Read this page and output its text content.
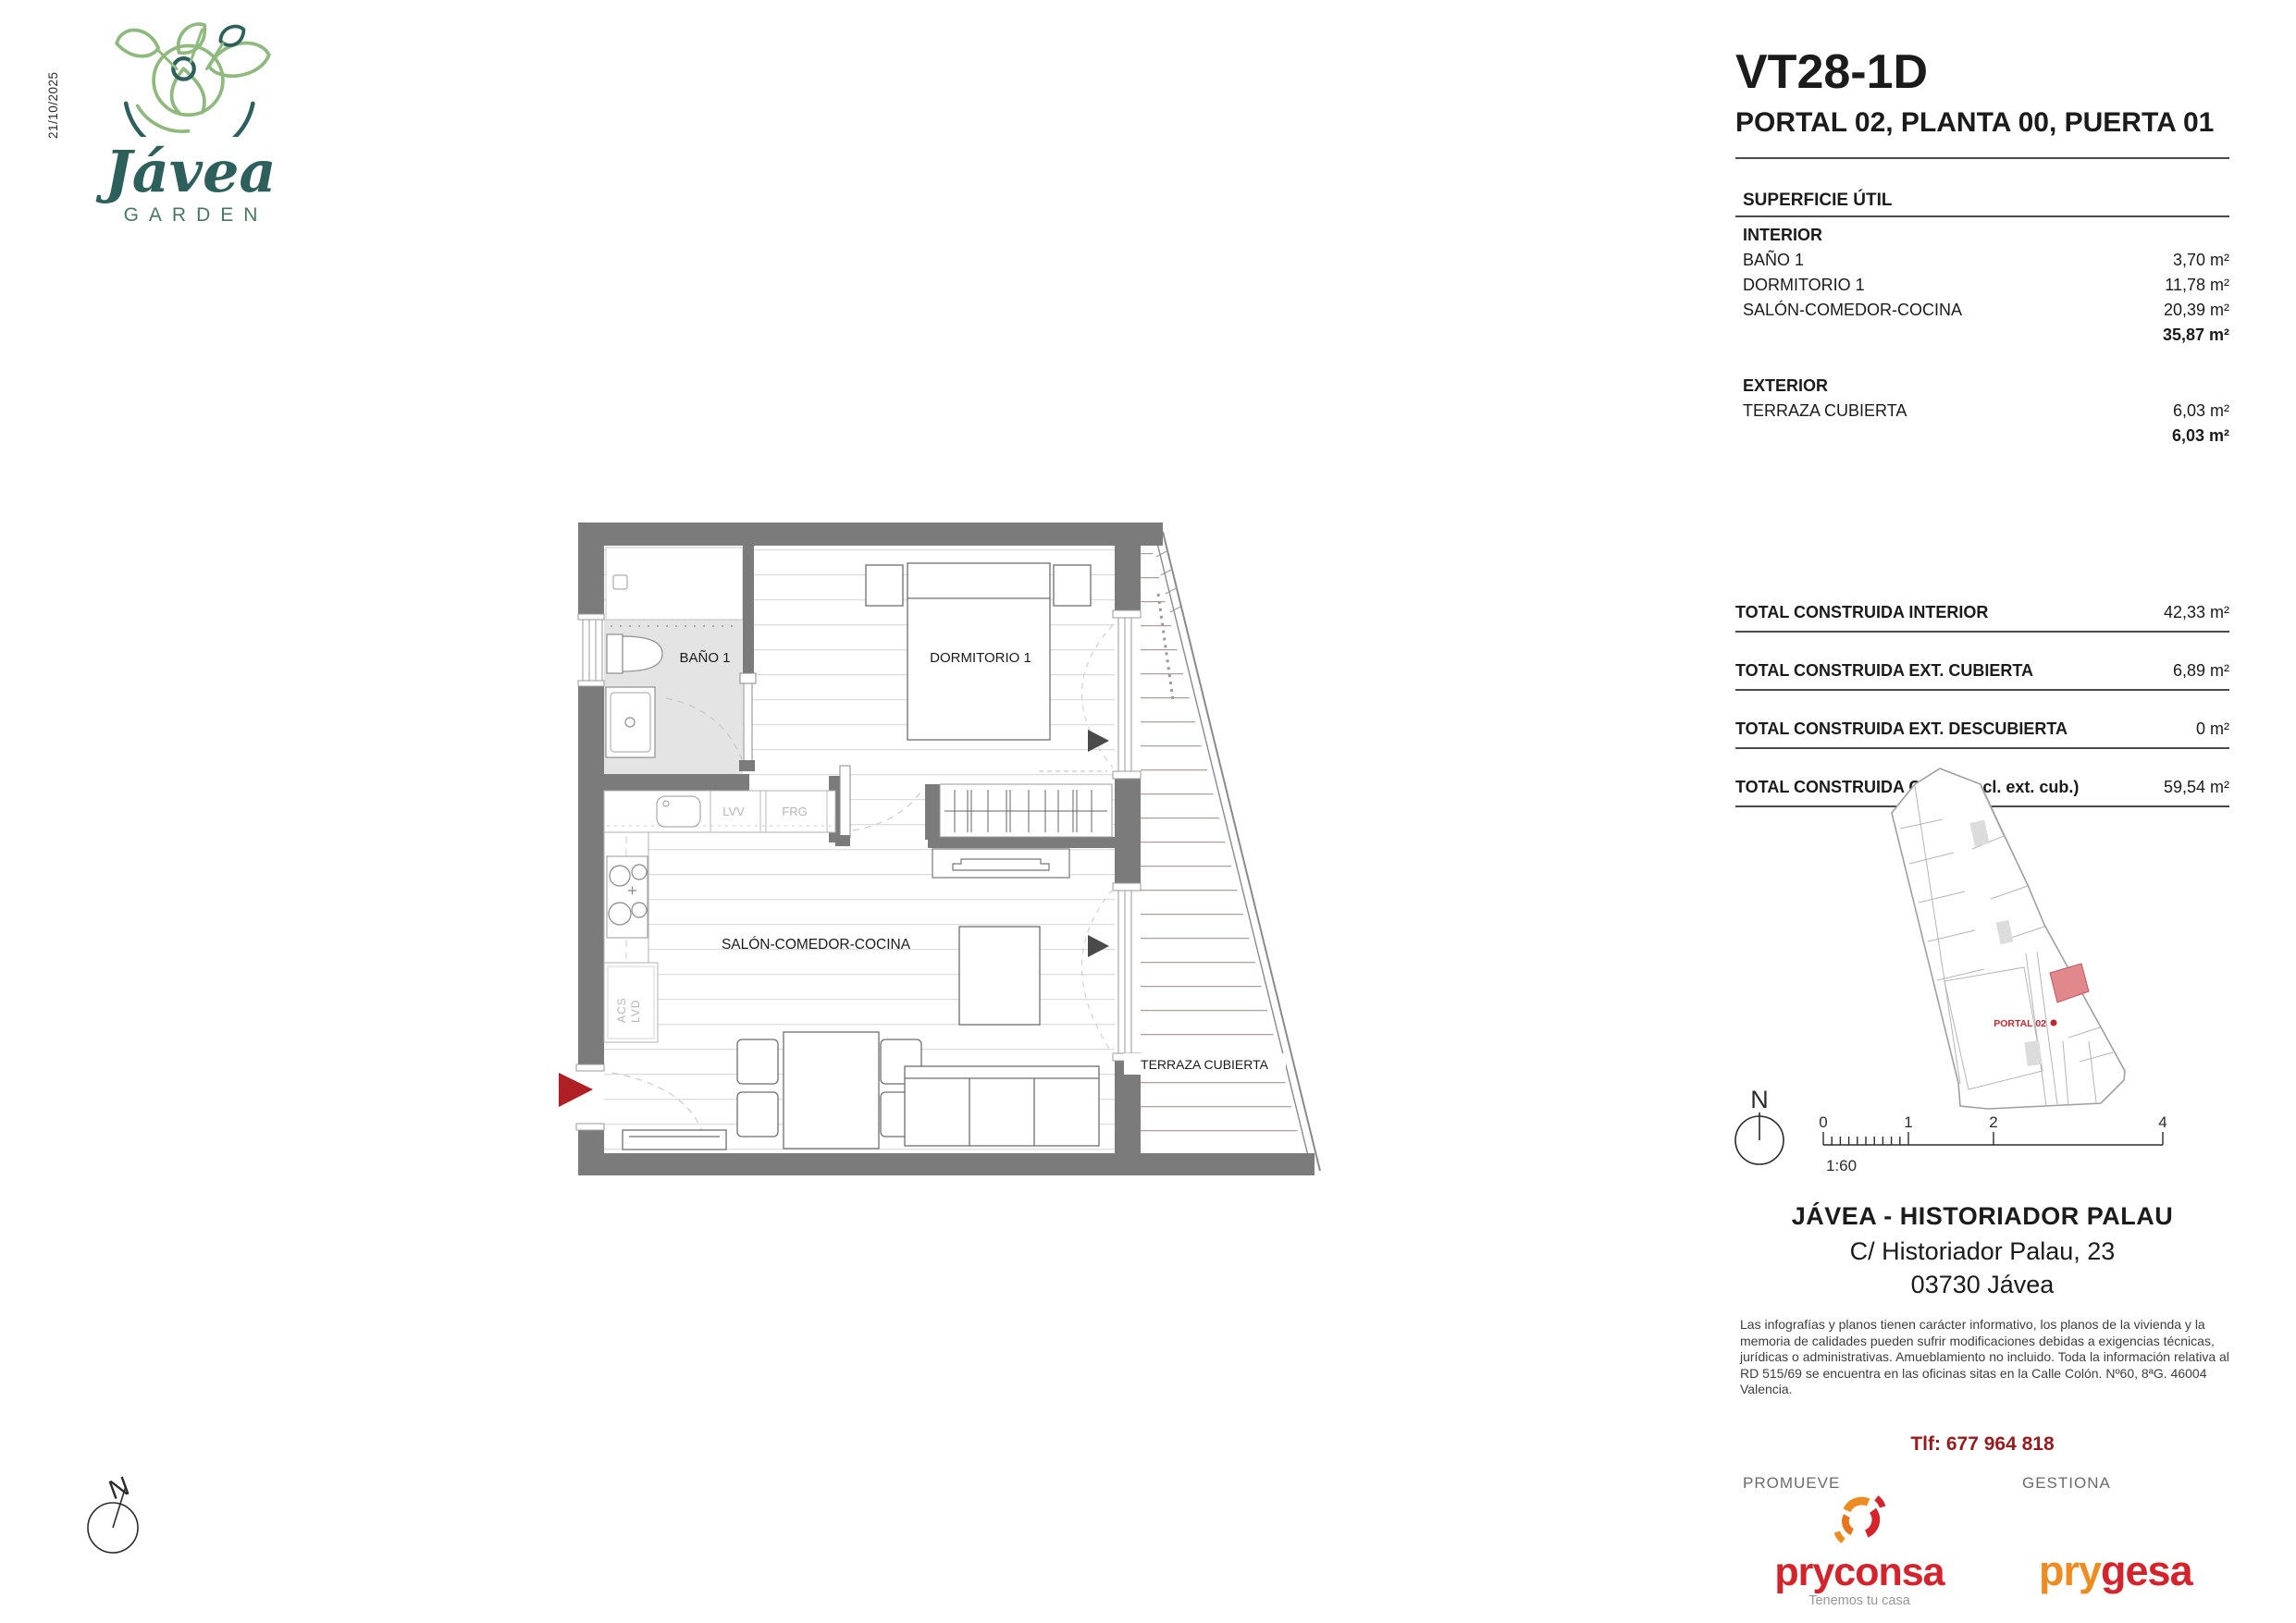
21/10/2025
Jávea
GARDEN
VT28-1D
PORTAL 02, PLANTA 00, PUERTA 01
SUPERFICIE ÚTIL
INTERIOR
BAÑO 1	3,70 m²
DORMITORIO 1	11,78 m²
SALÓN-COMEDOR-COCINA	20,39 m²
35,87 m²
EXTERIOR
TERRAZA CUBIERTA	6,03 m²
6,03 m²
TOTAL CONSTRUIDA INTERIOR	42,33 m²
TOTAL CONSTRUIDA EXT. CUBIERTA	6,89 m²
TOTAL CONSTRUIDA EXT. DESCUBIERTA	0 m²
TOTAL CONSTRUIDA C.E.C. (incl. ext. cub.)	59,54 m²
LVV	FRG
ACS LVD
BAÑO 1	DORMITORIO 1
SALÓN-COMEDOR-COCINA
TERRAZA CUBIERTA
PORTAL 02
N
0	1	2	4
1:60
JÁVEA - HISTORIADOR PALAU
C/ Historiador Palau, 23
03730 Jávea
Las infografías y planos tienen carácter informativo, los planos de la vivienda y la memoria de calidades pueden sufrir modificaciones debidas a exigencias técnicas, jurídicas o administrativas. Amueblamiento no incluido. Toda la información relativa al RD 515/69 se encuentra en las oficinas sitas en la Calle Colón. Nº60, 8ªG. 46004 Valencia.
Tlf: 677 964 818
PROMUEVE	GESTIONA
pryconsa
Tenemos tu casa
prygesa
N
